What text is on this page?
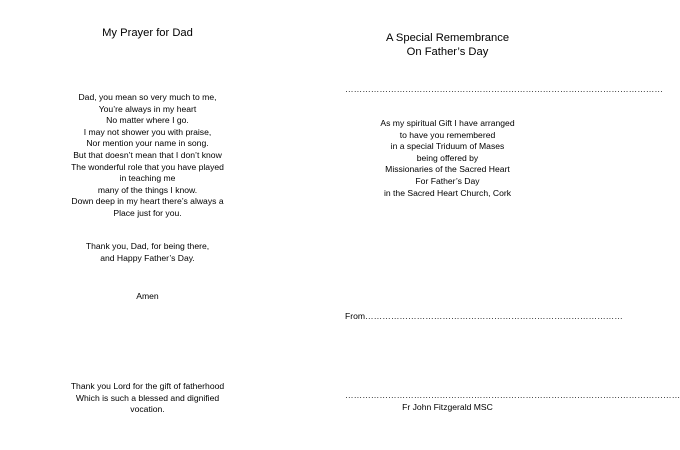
My Prayer for Dad
Dad, you mean so very much to me,
You’re always in my heart
No matter where I go.
I may not shower you with praise,
Nor mention your name in song.
But that doesn’t mean that I don’t know
The wonderful role that you have played
in teaching me
many of the things I know.
Down deep in my heart there’s always a
Place just for you.
Thank you, Dad, for being there,
and Happy Father’s Day.
Amen
Thank you Lord for the gift of fatherhood
Which is such a blessed and dignified
vocation.
A Special Remembrance
On Father’s Day
…………………………………………………………………………………………………
As my spiritual Gift I have arranged
to have you remembered
in a special Triduum of Mases
being offered by
Missionaries of the Sacred Heart
For Father’s Day
in the Sacred Heart Church, Cork
From………………………………………………………………………………
………………………………………………………………………………………………………
Fr John Fitzgerald MSC
